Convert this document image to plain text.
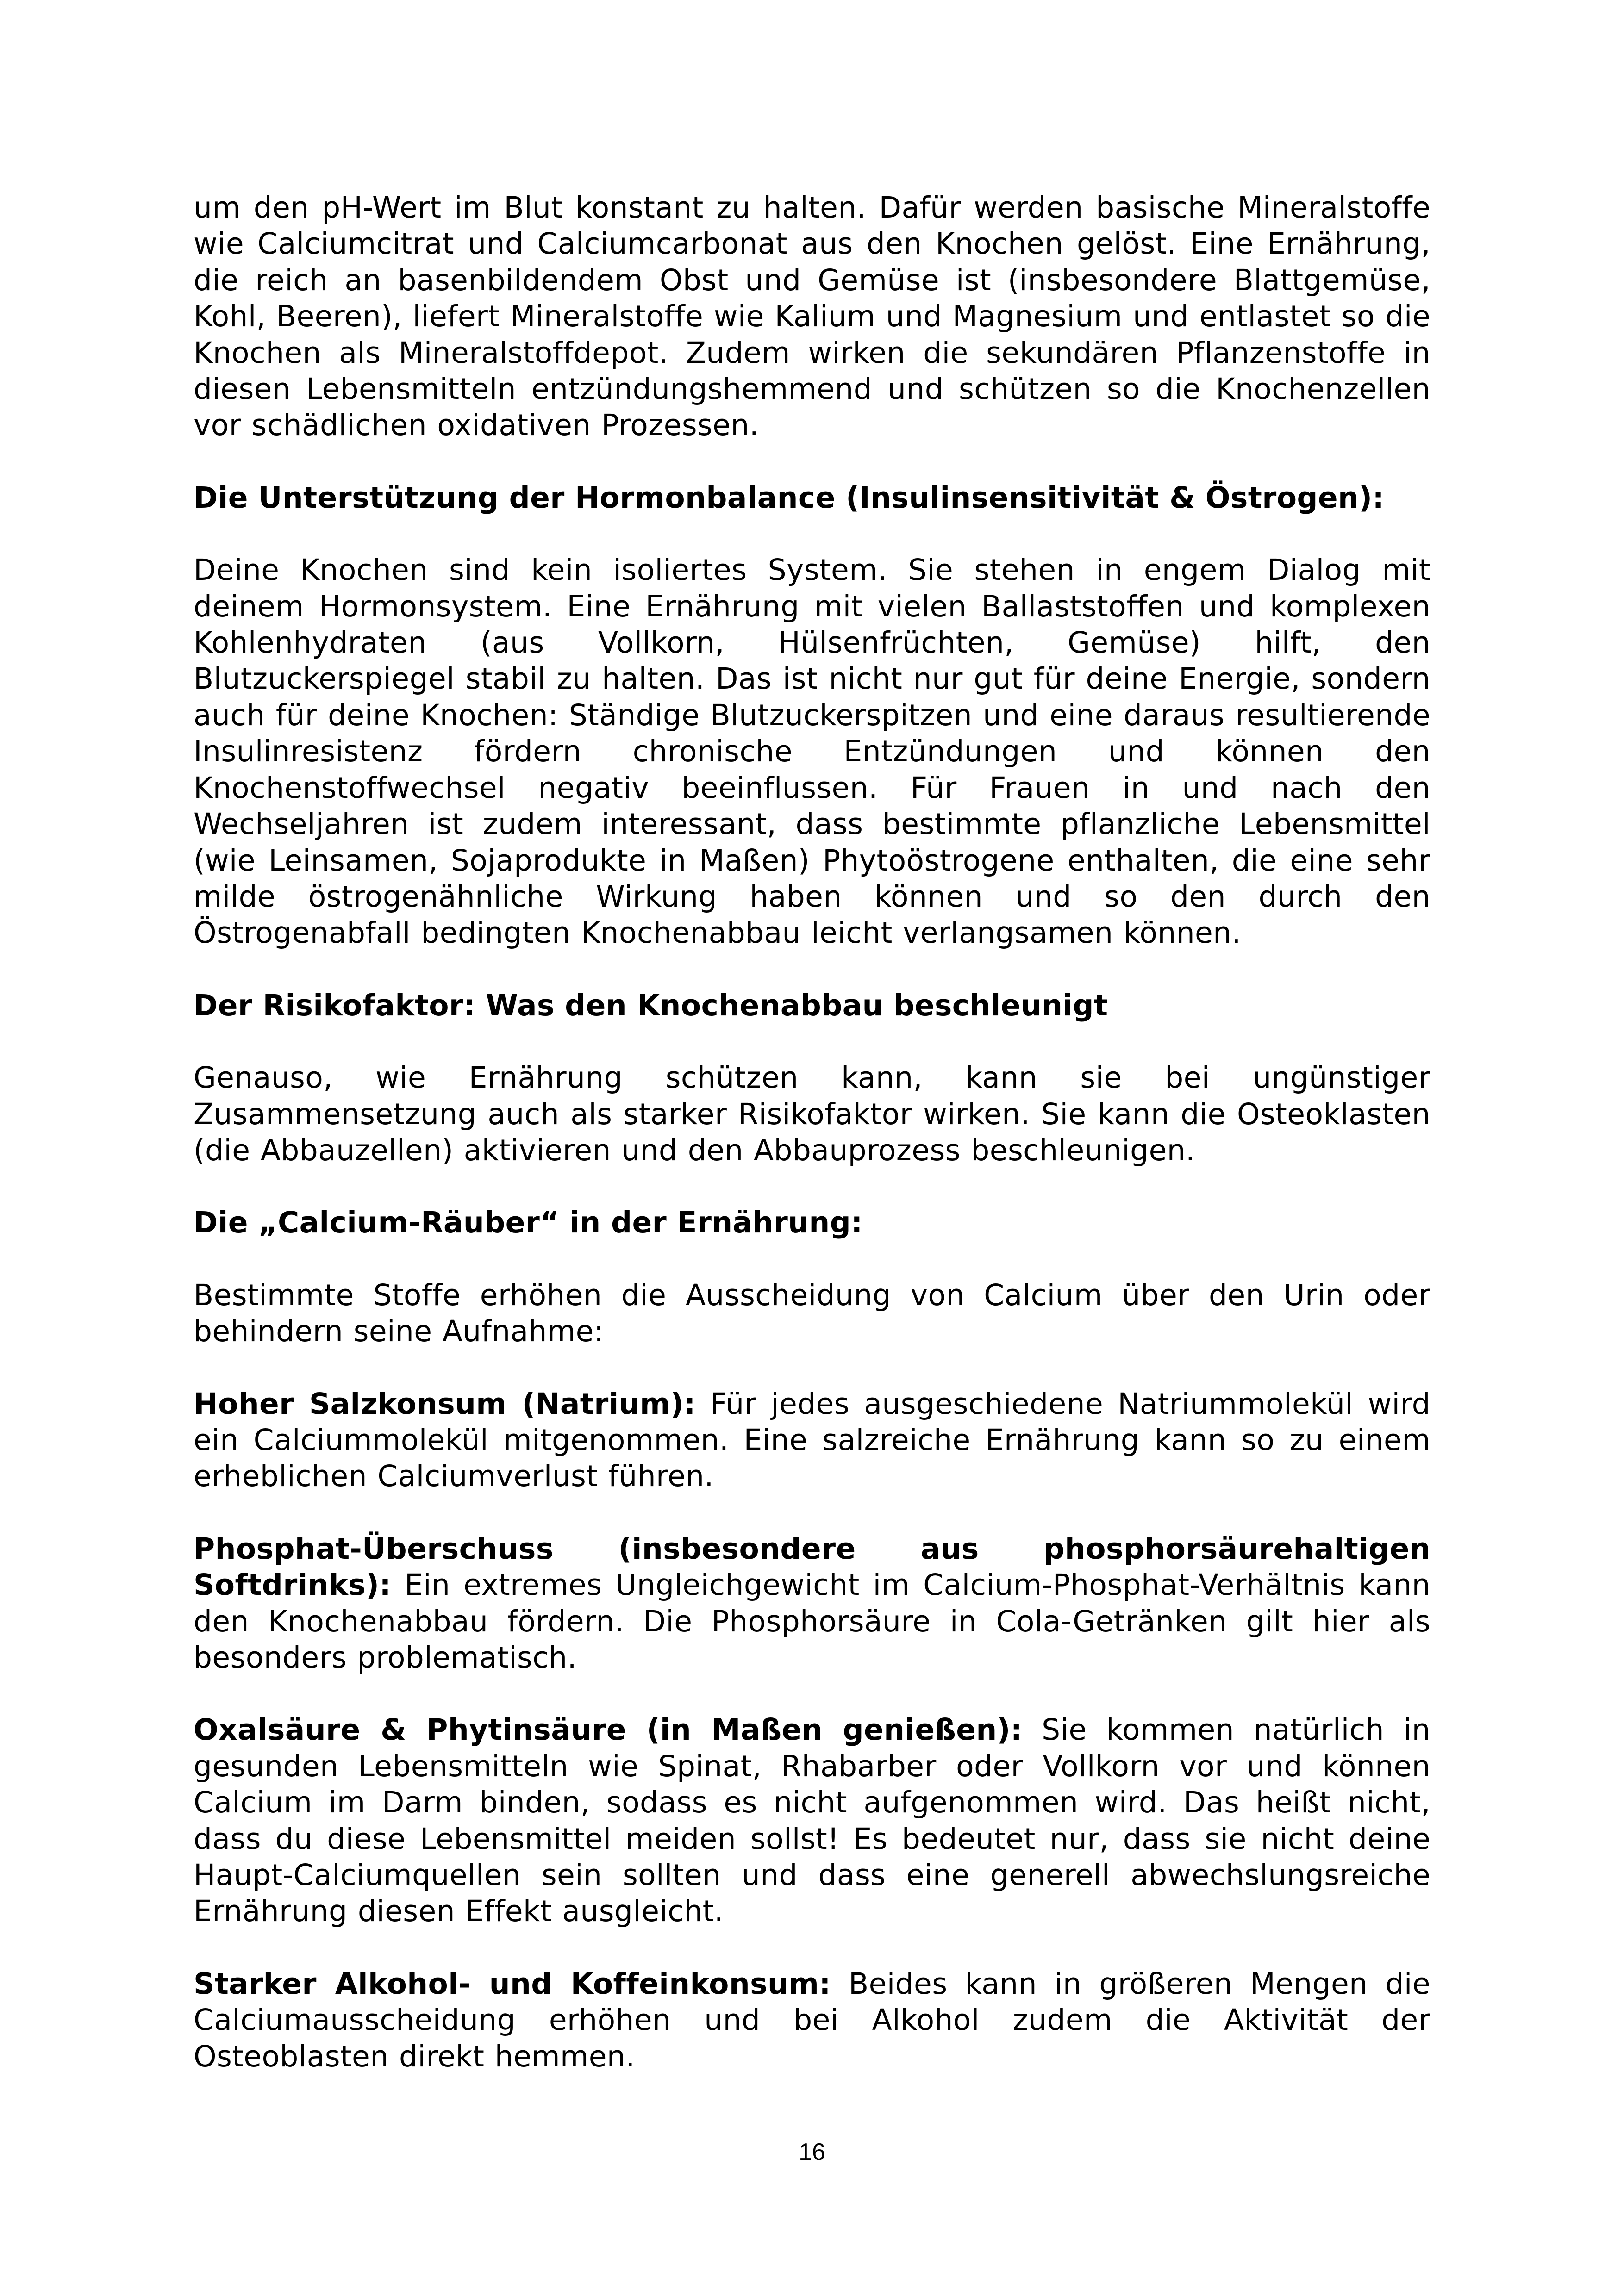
um den pH-Wert im Blut konstant zu halten. Dafür werden basische Mineralstoffe wie Calciumcitrat und Calciumcarbonat aus den Knochen gelöst. Eine Ernährung, die reich an basenbildendem Obst und Gemüse ist (insbesondere Blattgemüse, Kohl, Beeren), liefert Mineralstoffe wie Kalium und Magnesium und entlastet so die Knochen als Mineralstoffdepot. Zudem wirken die sekundären Pflanzenstoffe in diesen Lebensmitteln entzündungshemmend und schützen so die Knochenzellen vor schädlichen oxidativen Prozessen.

Die Unterstützung der Hormonbalance (Insulinsensitivität & Östrogen):

Deine Knochen sind kein isoliertes System. Sie stehen in engem Dialog mit deinem Hormonsystem. Eine Ernährung mit vielen Ballaststoffen und komplexen Kohlenhydraten (aus Vollkorn, Hülsenfrüchten, Gemüse) hilft, den Blutzuckerspiegel stabil zu halten. Das ist nicht nur gut für deine Energie, sondern auch für deine Knochen: Ständige Blutzuckerspitzen und eine daraus resultierende Insulinresistenz fördern chronische Entzündungen und können den Knochenstoffwechsel negativ beeinflussen. Für Frauen in und nach den Wechseljahren ist zudem interessant, dass bestimmte pflanzliche Lebensmittel (wie Leinsamen, Sojaprodukte in Maßen) Phytoöstrogene enthalten, die eine sehr milde östrogenähnliche Wirkung haben können und so den durch den Östrogenabfall bedingten Knochenabbau leicht verlangsamen können.

Der Risikofaktor: Was den Knochenabbau beschleunigt

Genauso, wie Ernährung schützen kann, kann sie bei ungünstiger Zusammensetzung auch als starker Risikofaktor wirken. Sie kann die Osteoklasten (die Abbauzellen) aktivieren und den Abbauprozess beschleunigen.

Die „Calcium-Räuber“ in der Ernährung:

Bestimmte Stoffe erhöhen die Ausscheidung von Calcium über den Urin oder behindern seine Aufnahme:

Hoher Salzkonsum (Natrium): Für jedes ausgeschiedene Natriummolekül wird ein Calciummolekül mitgenommen. Eine salzreiche Ernährung kann so zu einem erheblichen Calciumverlust führen.

Phosphat-Überschuss (insbesondere aus phosphorsäurehaltigen Softdrinks): Ein extremes Ungleichgewicht im Calcium-Phosphat-Verhältnis kann den Knochenabbau fördern. Die Phosphorsäure in Cola-Getränken gilt hier als besonders problematisch.

Oxalsäure & Phytinsäure (in Maßen genießen): Sie kommen natürlich in gesunden Lebensmitteln wie Spinat, Rhabarber oder Vollkorn vor und können Calcium im Darm binden, sodass es nicht aufgenommen wird. Das heißt nicht, dass du diese Lebensmittel meiden sollst! Es bedeutet nur, dass sie nicht deine Haupt-Calciumquellen sein sollten und dass eine generell abwechslungsreiche Ernährung diesen Effekt ausgleicht.

Starker Alkohol- und Koffeinkonsum: Beides kann in größeren Mengen die Calciumausscheidung erhöhen und bei Alkohol zudem die Aktivität der Osteoblasten direkt hemmen.

16
